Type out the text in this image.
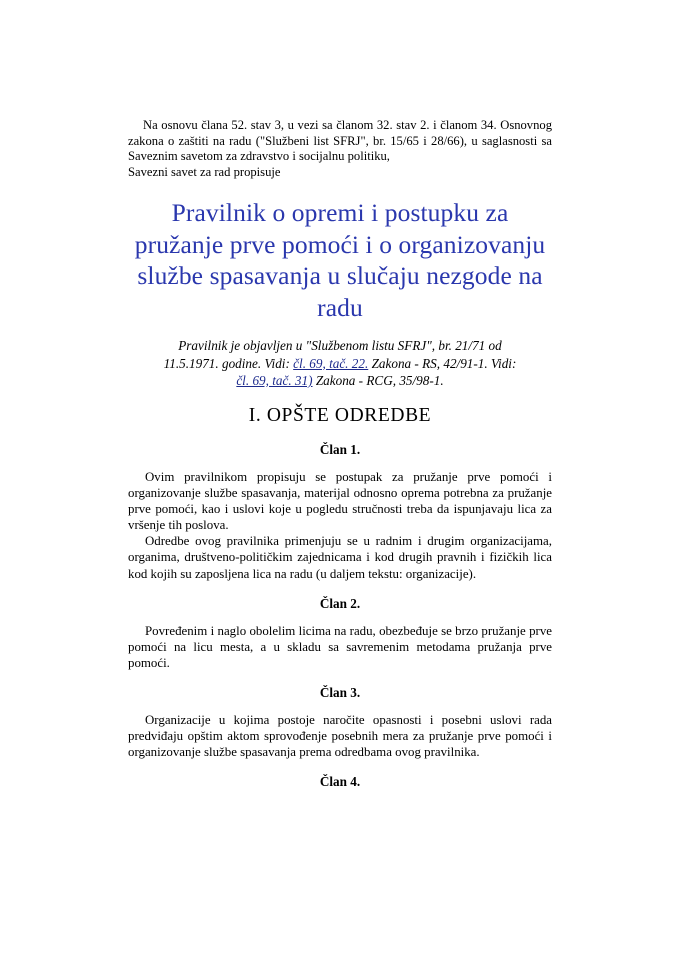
Na osnovu člana 52. stav 3, u vezi sa članom 32. stav 2. i članom 34. Osnovnog zakona o zaštiti na radu ("Službeni list SFRJ", br. 15/65 i 28/66), u saglasnosti sa Saveznim savetom za zdravstvo i socijalnu politiku,
Savezni savet za rad propisuje
Pravilnik o opremi i postupku za pružanje prve pomoći i o organizovanju službe spasavanja u slučaju nezgode na radu
Pravilnik je objavljen u "Službenom listu SFRJ", br. 21/71 od 11.5.1971. godine. Vidi: čl. 69, tač. 22. Zakona - RS, 42/91-1. Vidi: čl. 69, tač. 31) Zakona - RCG, 35/98-1.
I. OPŠTE ODREDBE
Član 1.

Ovim pravilnikom propisuju se postupak za pružanje prve pomoći i organizovanje službe spasavanja, materijal odnosno oprema potrebna za pružanje prve pomoći, kao i uslovi koje u pogledu stručnosti treba da ispunjavaju lica za vršenje tih poslova.

Odredbe ovog pravilnika primenjuju se u radnim i drugim organizacijama, organima, društveno-političkim zajednicama i kod drugih pravnih i fizičkih lica kod kojih su zaposljena lica na radu (u daljem tekstu: organizacije).

Član 2.

Povređenim i naglo obolelim licima na radu, obezbeđuje se brzo pružanje prve pomoći na licu mesta, a u skladu sa savremenim metodama pružanja prve pomoći.

Član 3.

Organizacije u kojima postoje naročite opasnosti i posebni uslovi rada predviđaju opštim aktom sprovođenje posebnih mera za pružanje prve pomoći i organizovanje službe spasavanja prema odredbama ovog pravilnika.

Član 4.
